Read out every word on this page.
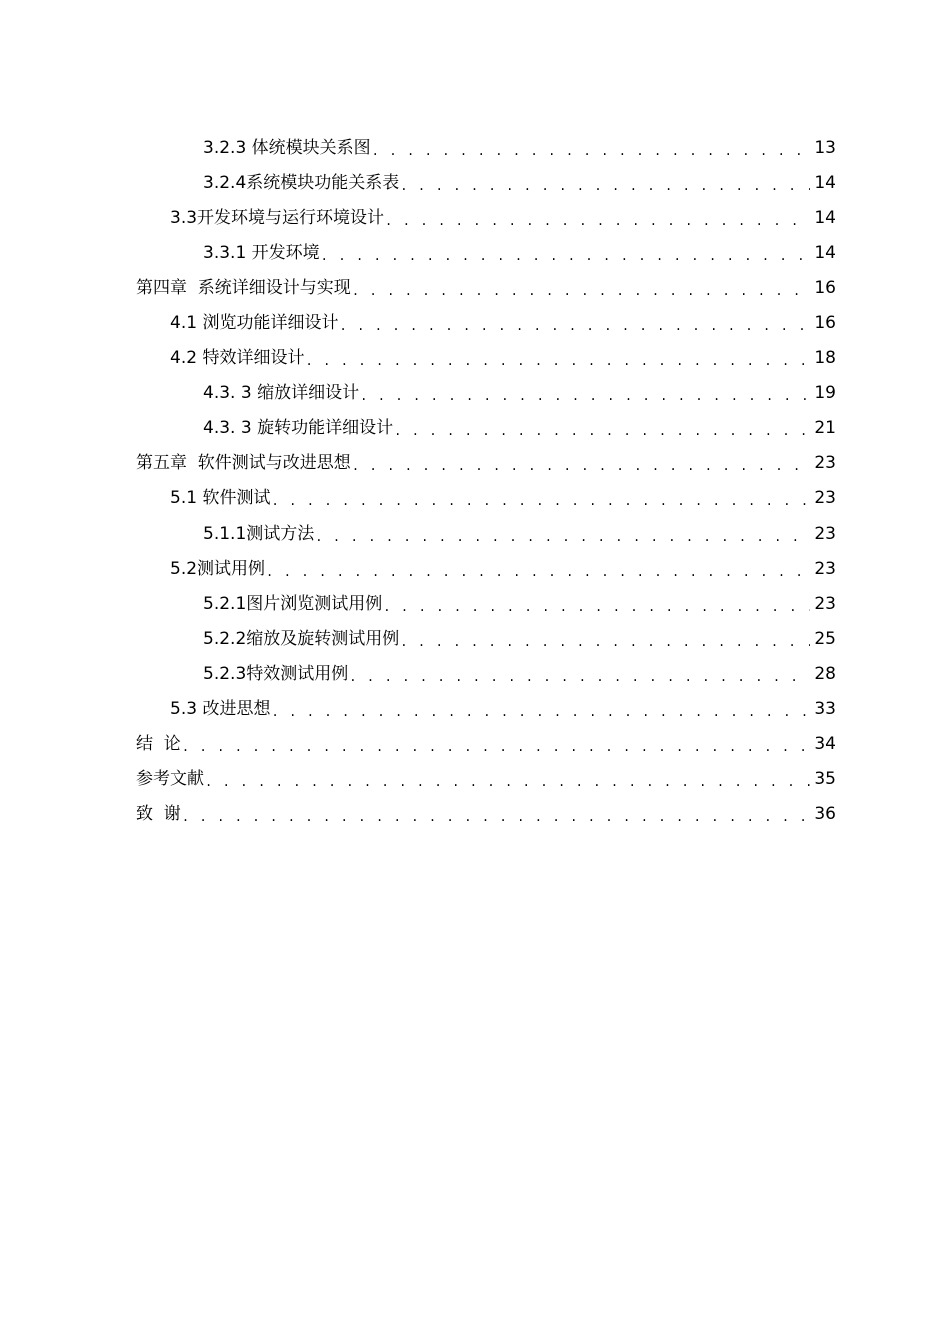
3.2.3 体统模块关系图 . . .	13
3.2.4系统模块功能关系表 . . .	14
3.3开发环境与运行环境设计 . . .	14
3.3.1 开发环境 . . .	14
第四章  系统详细设计与实现 . . .	16
4.1 浏览功能详细设计 . . .	16
4.2 特效详细设计 . . .	18
4.3. 3 缩放详细设计 . . .	19
4.3. 3 旋转功能详细设计 . . .	21
第五章  软件测试与改进思想 . . .	23
5.1 软件测试 . . .	23
5.1.1测试方法 . . .	23
5.2测试用例 . . .	23
5.2.1图片浏览测试用例 . . .	23
5.2.2缩放及旋转测试用例 . . .	25
5.2.3特效测试用例 . . .	28
5.3 改进思想 . . .	33
结  论 . . .	34
参考文献 . . .	35
致  谢 . . .	36
